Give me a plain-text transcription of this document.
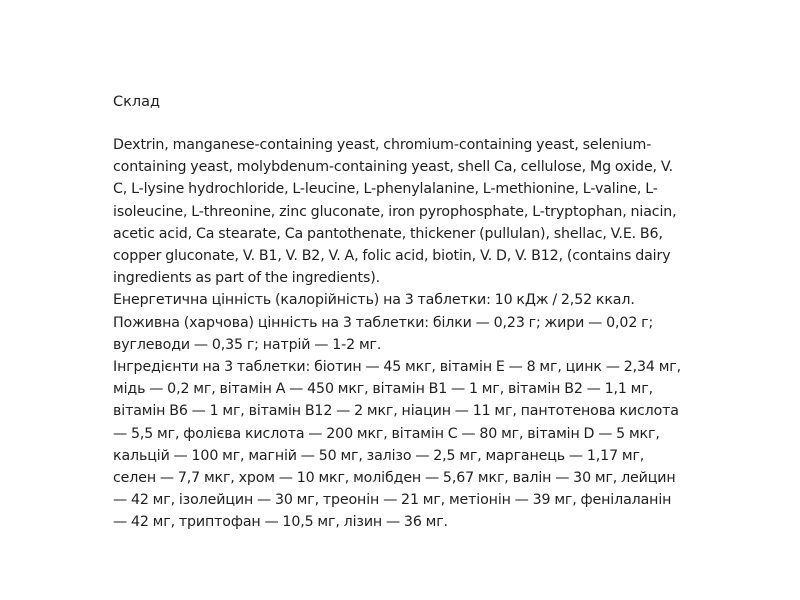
Склад

Dextrin, manganese-containing yeast, chromium-containing yeast, selenium-containing yeast, molybdenum-containing yeast, shell Ca, cellulose, Mg oxide, V. C, L-lysine hydrochloride, L-leucine, L-phenylalanine, L-methionine, L-valine, L-isoleucine, L-threonine, zinc gluconate, iron pyrophosphate, L-tryptophan, niacin, acetic acid, Ca stearate, Ca pantothenate, thickener (pullulan), shellac, V.E. B6, copper gluconate, V. B1, V. B2, V. A, folic acid, biotin, V. D, V. B12, (contains dairy ingredients as part of the ingredients).

Енергетична цінність (калорійність) на 3 таблетки: 10 кДж / 2,52 ккал.

Поживна (харчова) цінність на 3 таблетки: білки — 0,23 г; жири — 0,02 г; вуглеводи — 0,35 г; натрій — 1-2 мг.

Інгредієнти на 3 таблетки: біотин — 45 мкг, вітамін Е — 8 мг, цинк — 2,34 мг, мідь — 0,2 мг, вітамін А — 450 мкг, вітамін В1 — 1 мг, вітамін В2 — 1,1 мг, вітамін В6 — 1 мг, вітамін В12 — 2 мкг, ніацин — 11 мг, пантотенова кислота — 5,5 мг, фолієва кислота — 200 мкг, вітамін С — 80 мг, вітамін D — 5 мкг, кальцій — 100 мг, магній — 50 мг, залізо — 2,5 мг, марганець — 1,17 мг, селен — 7,7 мкг, хром — 10 мкг, молібден — 5,67 мкг, валін — 30 мг, лейцин — 42 мг, ізолейцин — 30 мг, треонін — 21 мг, метіонін — 39 мг, фенілаланін — 42 мг, триптофан — 10,5 мг, лізин — 36 мг.
